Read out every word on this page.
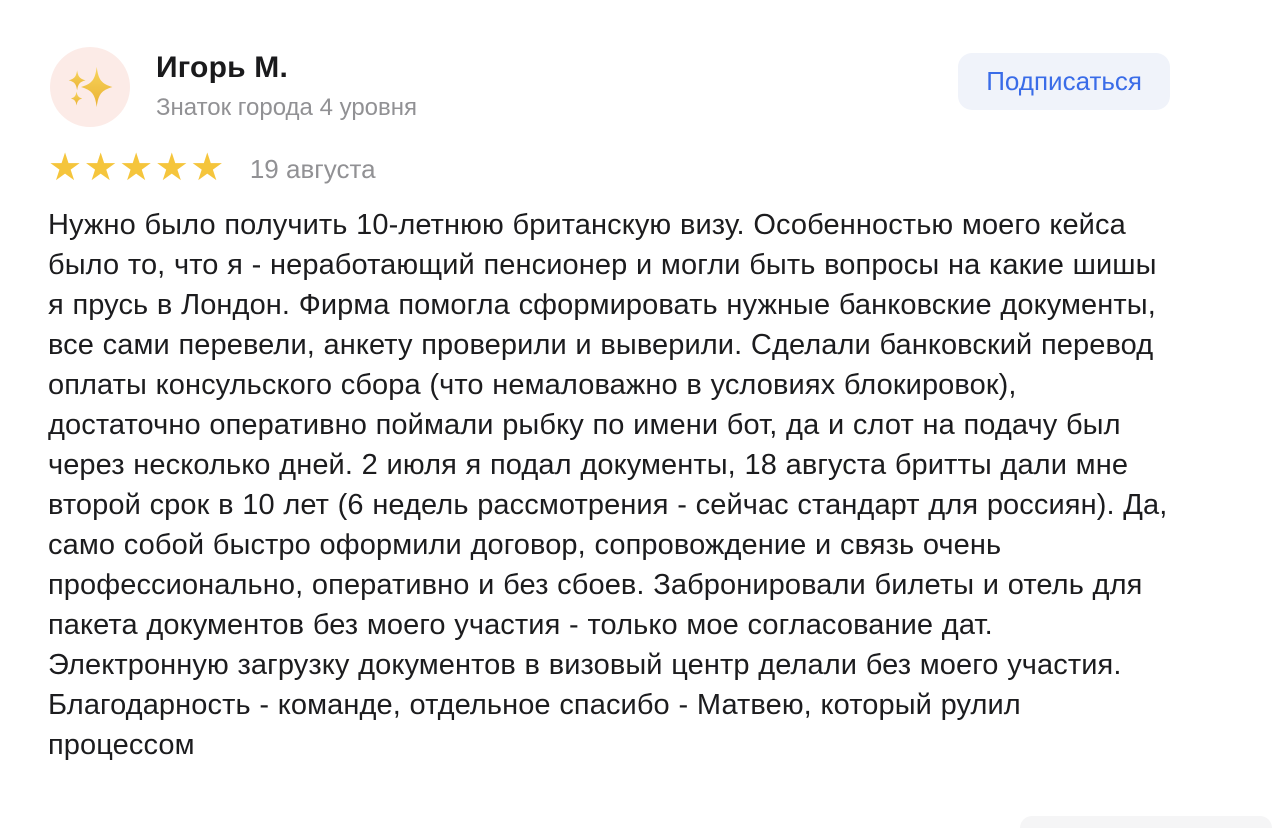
Игорь М.
Знаток города 4 уровня
Подписаться
★★★★★ 19 августа

Нужно было получить 10-летнюю британскую визу. Особенностью моего кейса было то, что я - неработающий пенсионер и могли быть вопросы на какие шишы я прусь в Лондон. Фирма помогла сформировать нужные банковские документы, все сами перевели, анкету проверили и выверили. Сделали банковский перевод оплаты консульского сбора (что немаловажно в условиях блокировок), достаточно оперативно поймали рыбку по имени бот, да и слот на подачу был через несколько дней. 2 июля я подал документы, 18 августа бритты дали мне второй срок в 10 лет (6 недель рассмотрения - сейчас стандарт для россиян). Да, само собой быстро оформили договор, сопровождение и связь очень профессионально, оперативно и без сбоев. Забронировали билеты и отель для пакета документов без моего участия - только мое согласование дат. Электронную загрузку документов в визовый центр делали без моего участия. Благодарность - команде, отдельное спасибо - Матвею, который рулил процессом
